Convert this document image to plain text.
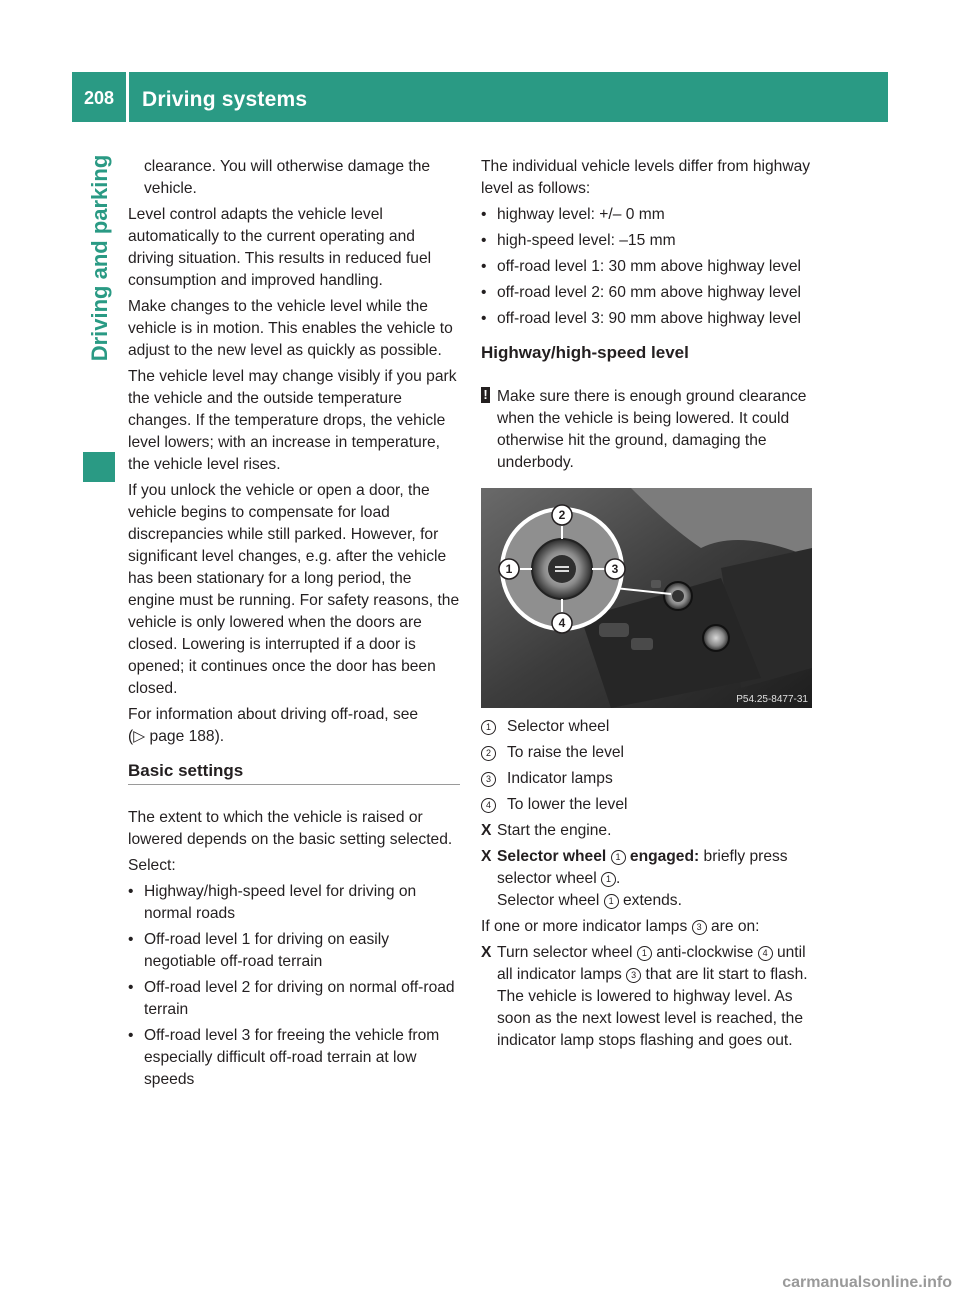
208	Driving systems
Driving and parking	clearance. You will otherwise damage the vehicle.

Level control adapts the vehicle level automatically to the current operating and driving situation. This results in reduced fuel consumption and improved handling.

Make changes to the vehicle level while the vehicle is in motion. This enables the vehicle to adjust to the new level as quickly as possible.

The vehicle level may change visibly if you park the vehicle and the outside temperature changes. If the temperature drops, the vehicle level lowers; with an increase in temperature, the vehicle level rises.

If you unlock the vehicle or open a door, the vehicle begins to compensate for load discrepancies while still parked. However, for significant level changes, e.g. after the vehicle has been stationary for a long period, the engine must be running. For safety reasons, the vehicle is only lowered when the doors are closed. Lowering is interrupted if a door is opened; it continues once the door has been closed.

For information about driving off-road, see
(▷ page 188).

Basic settings

The extent to which the vehicle is raised or lowered depends on the basic setting selected.

Select:

• Highway/high-speed level for driving on normal roads
• Off-road level 1 for driving on easily negotiable off-road terrain
• Off-road level 2 for driving on normal off-road terrain
• Off-road level 3 for freeing the vehicle from especially difficult off-road terrain at low speeds

The individual vehicle levels differ from highway level as follows:

• highway level: +/– 0 mm
• high-speed level: –15 mm
• off-road level 1: 30 mm above highway level
• off-road level 2: 60 mm above highway level
• off-road level 3: 90 mm above highway level
Highway/high-speed level
! Make sure there is enough ground clearance when the vehicle is being lowered. It could otherwise hit the ground, damaging the underbody.
1
2
3
4
P54.25-8477-31
1	Selector wheel
2	To raise the level
3	Indicator lamps
4	To lower the level
X Start the engine.
X Selector wheel 1 engaged: briefly press selector wheel 1 .
Selector wheel 1 extends.

If one or more indicator lamps 3 are on:

X Turn selector wheel 1 anti-clockwise 4 until all indicator lamps 3 that are lit start to flash.
The vehicle is lowered to highway level. As soon as the next lowest level is reached, the indicator lamp stops flashing and goes out.
carmanualsonline.info
